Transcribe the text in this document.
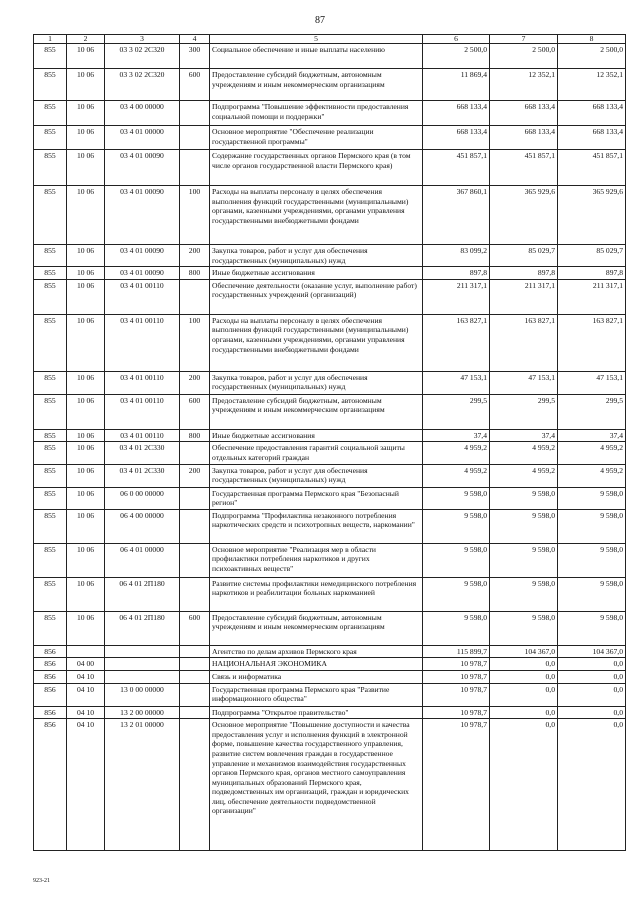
87
1	2	3	4	5	6	7	8
855	10 06	03 3 02 2С320	300	Социальное обеспечение и иные выплаты населению	2 500,0	2 500,0	2 500,0
855	10 06	03 3 02 2С320	600	Предоставление субсидий бюджетным, автономным учреждениям и иным некоммерческим организациям	11 869,4	12 352,1	12 352,1
855	10 06	03 4 00 00000		Подпрограмма "Повышение эффективности предоставления социальной помощи и поддержки"	668 133,4	668 133,4	668 133,4
855	10 06	03 4 01 00000		Основное мероприятие "Обеспечение реализации государственной программы"	668 133,4	668 133,4	668 133,4
855	10 06	03 4 01 00090		Содержание государственных органов Пермского края (в том числе органов государственной власти Пермского края)	451 857,1	451 857,1	451 857,1
855	10 06	03 4 01 00090	100	Расходы на выплаты персоналу в целях обеспечения выполнения функций государственными (муниципальными) органами, казенными учреждениями, органами управления государственными внебюджетными фондами	367 860,1	365 929,6	365 929,6
855	10 06	03 4 01 00090	200	Закупка товаров, работ и услуг для обеспечения государственных (муниципальных) нужд	83 099,2	85 029,7	85 029,7
855	10 06	03 4 01 00090	800	Иные бюджетные ассигнования	897,8	897,8	897,8
855	10 06	03 4 01 00110		Обеспечение деятельности (оказание услуг, выполнение работ) государственных учреждений (организаций)	211 317,1	211 317,1	211 317,1
855	10 06	03 4 01 00110	100	Расходы на выплаты персоналу в целях обеспечения выполнения функций государственными (муниципальными) органами, казенными учреждениями, органами управления государственными внебюджетными фондами	163 827,1	163 827,1	163 827,1
855	10 06	03 4 01 00110	200	Закупка товаров, работ и услуг для обеспечения государственных (муниципальных) нужд	47 153,1	47 153,1	47 153,1
855	10 06	03 4 01 00110	600	Предоставление субсидий бюджетным, автономным учреждениям и иным некоммерческим организациям	299,5	299,5	299,5
855	10 06	03 4 01 00110	800	Иные бюджетные ассигнования	37,4	37,4	37,4
855	10 06	03 4 01 2С330		Обеспечение предоставления гарантий социальной защиты отдельных категорий граждан	4 959,2	4 959,2	4 959,2
855	10 06	03 4 01 2С330	200	Закупка товаров, работ и услуг для обеспечения государственных (муниципальных) нужд	4 959,2	4 959,2	4 959,2
855	10 06	06 0 00 00000		Государственная программа Пермского края "Безопасный регион"	9 598,0	9 598,0	9 598,0
855	10 06	06 4 00 00000		Подпрограмма "Профилактика незаконного потребления наркотических средств и психотропных веществ, наркомании"	9 598,0	9 598,0	9 598,0
855	10 06	06 4 01 00000		Основное мероприятие "Реализация мер в области профилактики потребления наркотиков и других психоактивных веществ"	9 598,0	9 598,0	9 598,0
855	10 06	06 4 01 2П180		Развитие системы профилактики немедицинского потребления наркотиков и реабилитации больных наркоманией	9 598,0	9 598,0	9 598,0
855	10 06	06 4 01 2П180	600	Предоставление субсидий бюджетным, автономным учреждениям и иным некоммерческим организациям	9 598,0	9 598,0	9 598,0
856				Агентство по делам архивов Пермского края	115 899,7	104 367,0	104 367,0
856	04 00			НАЦИОНАЛЬНАЯ ЭКОНОМИКА	10 978,7	0,0	0,0
856	04 10			Связь и информатика	10 978,7	0,0	0,0
856	04 10	13 0 00 00000		Государственная программа Пермского края "Развитие информационного общества"	10 978,7	0,0	0,0
856	04 10	13 2 00 00000		Подпрограмма "Открытое правительство"	10 978,7	0,0	0,0
856	04 10	13 2 01 00000		Основное мероприятие "Повышение доступности и качества предоставления услуг и исполнения функций в электронной форме, повышение качества государственного управления, развитие систем вовлечения граждан в государственное управление и механизмов взаимодействия государственных органов Пермского края, органов местного самоуправления муниципальных образований Пермского края, подведомственных им организаций, граждан и юридических лиц, обеспечение деятельности подведомственной организации"	10 978,7	0,0	0,0
923-21
